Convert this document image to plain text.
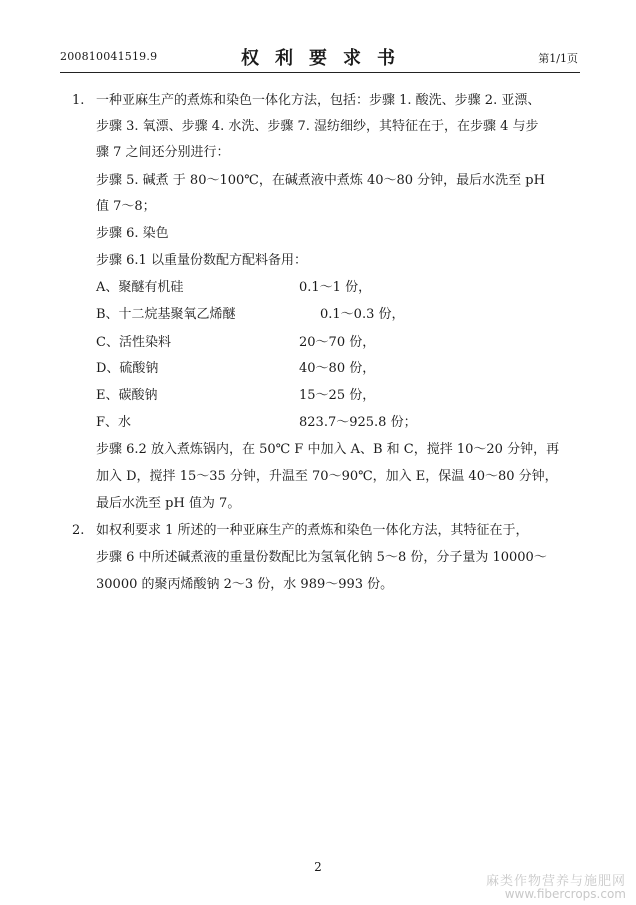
200810041519.9	权利要求书	第1/1页
1. 一种亚麻生产的煮炼和染色一体化方法，包括：步骤 1. 酸洗、步骤 2. 亚漂、
步骤 3. 氧漂、步骤 4. 水洗、步骤 7. 湿纺细纱，其特征在于，在步骤 4 与步
骤 7 之间还分别进行：
步骤 5. 碱煮 于 80～100℃，在碱煮液中煮炼 40～80 分钟，最后水洗至 pH
值 7～8；
步骤 6. 染色
步骤 6.1 以重量份数配方配料备用：
A、聚醚有机硅	0.1～1 份，
B、十二烷基聚氧乙烯醚	0.1～0.3 份，
C、活性染料	20～70 份，
D、硫酸钠	40～80 份，
E、碳酸钠	15～25 份，
F、水	823.7～925.8 份；
步骤 6.2 放入煮炼锅内，在 50℃ F 中加入 A、B 和 C，搅拌 10～20 分钟，再
加入 D，搅拌 15～35 分钟，升温至 70～90℃，加入 E，保温 40～80 分钟，
最后水洗至 pH 值为 7。
2. 如权利要求 1 所述的一种亚麻生产的煮炼和染色一体化方法，其特征在于，
步骤 6 中所述碱煮液的重量份数配比为氢氧化钠 5～8 份，分子量为 10000～
30000 的聚丙烯酸钠 2～3 份，水 989～993 份。
2
麻类作物营养与施肥网
www.fibercrops.com
